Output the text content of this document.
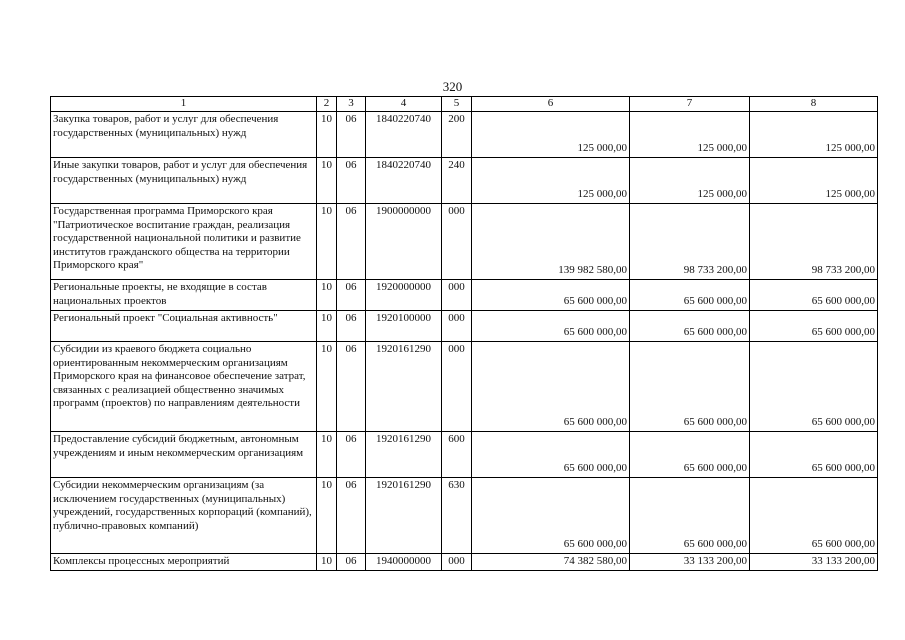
320
1	2	3	4	5	6	7	8
Закупка товаров, работ и услуг для обеспечения государственных (муниципальных) нужд	10	06	1840220740	200	125 000,00	125 000,00	125 000,00
Иные закупки товаров, работ и услуг для обеспечения государственных (муниципальных) нужд	10	06	1840220740	240	125 000,00	125 000,00	125 000,00
Государственная программа Приморского края "Патриотическое воспитание граждан, реализация государственной национальной политики и развитие институтов гражданского общества на территории Приморского края"	10	06	1900000000	000	139 982 580,00	98 733 200,00	98 733 200,00
Региональные проекты, не входящие в состав национальных проектов	10	06	1920000000	000	65 600 000,00	65 600 000,00	65 600 000,00
Региональный проект "Социальная активность"	10	06	1920100000	000	65 600 000,00	65 600 000,00	65 600 000,00
Субсидии из краевого бюджета социально ориентированным некоммерческим организациям Приморского края на финансовое обеспечение затрат, связанных с реализацией общественно значимых программ (проектов) по направлениям деятельности	10	06	1920161290	000	65 600 000,00	65 600 000,00	65 600 000,00
Предоставление субсидий бюджетным, автономным учреждениям и иным некоммерческим организациям	10	06	1920161290	600	65 600 000,00	65 600 000,00	65 600 000,00
Субсидии некоммерческим организациям (за исключением государственных (муниципальных) учреждений, государственных корпораций (компаний), публично-правовых компаний)	10	06	1920161290	630	65 600 000,00	65 600 000,00	65 600 000,00
Комплексы процессных мероприятий	10	06	1940000000	000	74 382 580,00	33 133 200,00	33 133 200,00
